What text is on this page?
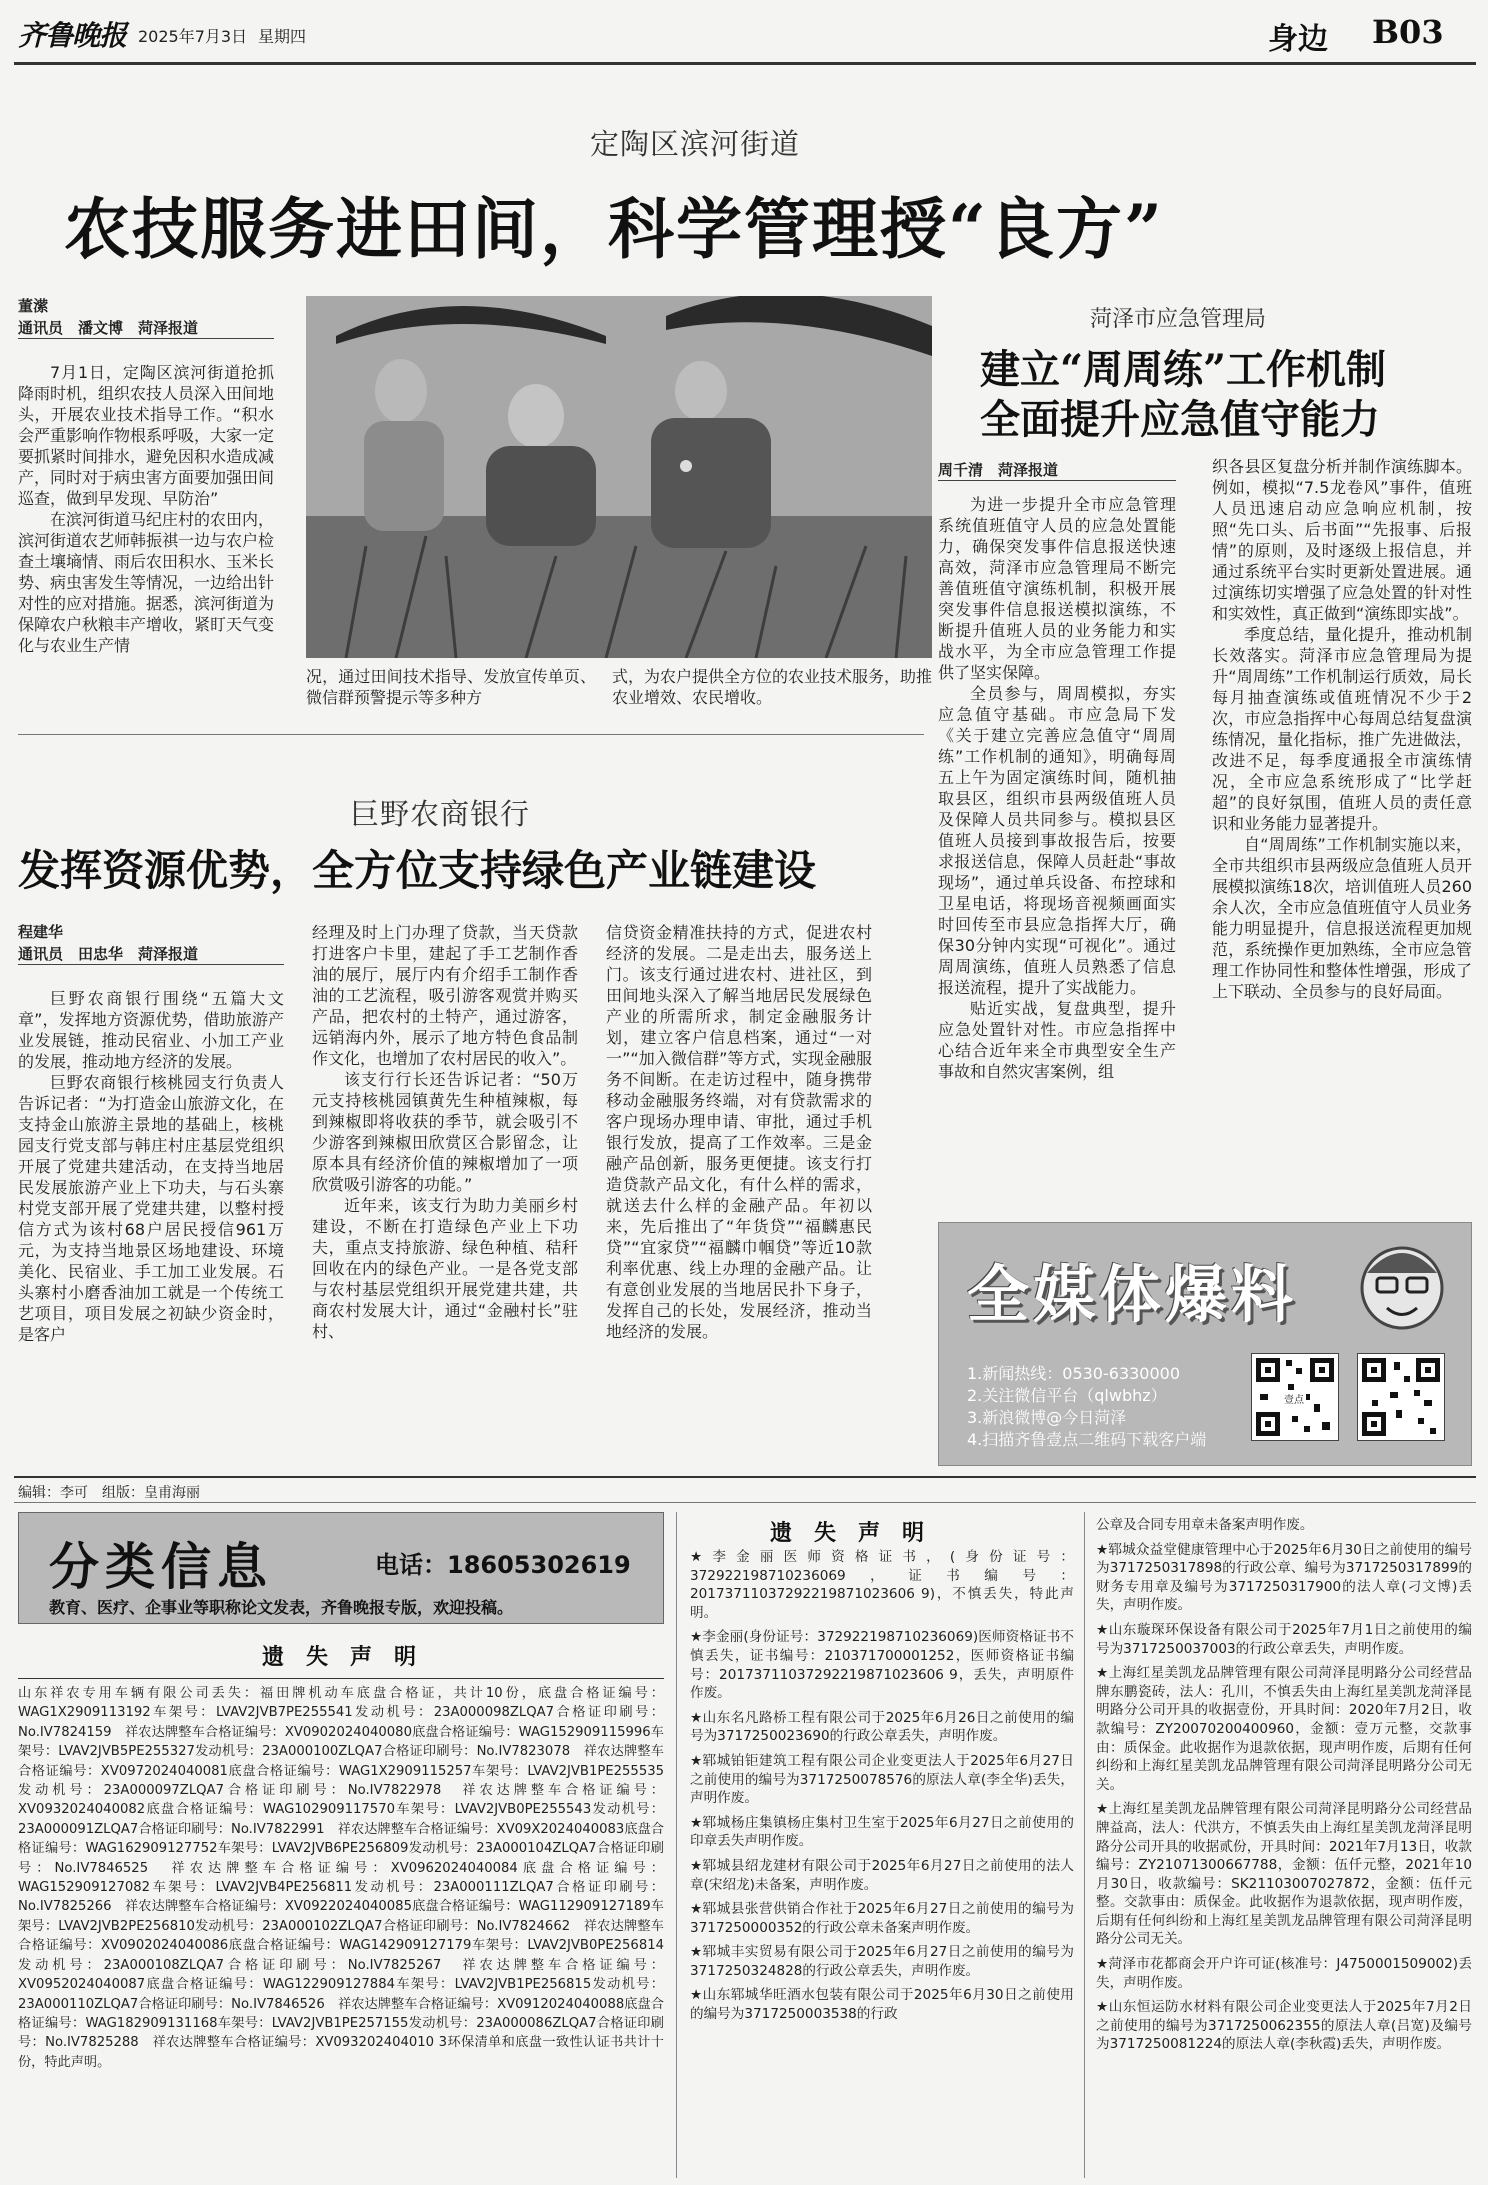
齐鲁晚报 2025年7月3日 星期四	身边 B03
定陶区滨河街道
农技服务进田间，科学管理授“良方”
董潆
通讯员　潘文博　菏泽报道

7月1日，定陶区滨河街道抢抓降雨时机，组织农技人员深入田间地头，开展农业技术指导工作。“积水会严重影响作物根系呼吸，大家一定要抓紧时间排水，避免因积水造成减产，同时对于病虫害方面要加强田间巡查，做到早发现、早防治”

在滨河街道马纪庄村的农田内，滨河街道农艺师韩振祺一边与农户检查土壤墒情、雨后农田积水、玉米长势、病虫害发生等情况，一边给出针对性的应对措施。据悉，滨河街道为保障农户秋粮丰产增收，紧盯天气变化与农业生产情

况，通过田间技术指导、发放宣传单页、微信群预警提示等多种方
式，为农户提供全方位的农业技术服务，助推农业增效、农民增收。
菏泽市应急管理局
建立“周周练”工作机制
全面提升应急值守能力
周千清　菏泽报道

为进一步提升全市应急管理系统值班值守人员的应急处置能力，确保突发事件信息报送快速高效，菏泽市应急管理局不断完善值班值守演练机制，积极开展突发事件信息报送模拟演练，不断提升值班人员的业务能力和实战水平，为全市应急管理工作提供了坚实保障。

全员参与，周周模拟，夯实应急值守基础。市应急局下发《关于建立完善应急值守“周周练”工作机制的通知》，明确每周五上午为固定演练时间，随机抽取县区，组织市县两级值班人员及保障人员共同参与。模拟县区值班人员接到事故报告后，按要求报送信息，保障人员赶赴“事故现场”，通过单兵设备、布控球和卫星电话，将现场音视频画面实时回传至市县应急指挥大厅，确保30分钟内实现“可视化”。通过周周演练，值班人员熟悉了信息报送流程，提升了实战能力。

贴近实战，复盘典型，提升应急处置针对性。市应急指挥中心结合近年来全市典型安全生产事故和自然灾害案例，组

织各县区复盘分析并制作演练脚本。例如，模拟“7.5龙卷风”事件，值班人员迅速启动应急响应机制，按照“先口头、后书面”“先报事、后报情”的原则，及时逐级上报信息，并通过系统平台实时更新处置进展。通过演练切实增强了应急处置的针对性和实效性，真正做到“演练即实战”。

季度总结，量化提升，推动机制长效落实。菏泽市应急管理局为提升“周周练”工作机制运行质效，局长每月抽查演练或值班情况不少于2次，市应急指挥中心每周总结复盘演练情况，量化指标，推广先进做法，改进不足，每季度通报全市演练情况，全市应急系统形成了“比学赶超”的良好氛围，值班人员的责任意识和业务能力显著提升。

自“周周练”工作机制实施以来，全市共组织市县两级应急值班人员开展模拟演练18次，培训值班人员260余人次，全市应急值班值守人员业务能力明显提升，信息报送流程更加规范，系统操作更加熟练，全市应急管理工作协同性和整体性增强，形成了上下联动、全员参与的良好局面。

巨野农商银行
发挥资源优势，全方位支持绿色产业链建设
程建华
通讯员　田忠华　菏泽报道

巨野农商银行围绕“五篇大文章”，发挥地方资源优势，借助旅游产业发展链，推动民宿业、小加工产业的发展，推动地方经济的发展。

巨野农商银行核桃园支行负责人告诉记者：“为打造金山旅游文化，在支持金山旅游主景地的基础上，核桃园支行党支部与韩庄村庄基层党组织开展了党建共建活动，在支持当地居民发展旅游产业上下功夫，与石头寨村党支部开展了党建共建，以整村授信方式为该村68户居民授信961万元，为支持当地景区场地建设、环境美化、民宿业、手工加工业发展。石头寨村小磨香油加工就是一个传统工艺项目，项目发展之初缺少资金时，是客户

经理及时上门办理了贷款，当天贷款打进客户卡里，建起了手工艺制作香油的展厅，展厅内有介绍手工制作香油的工艺流程，吸引游客观赏并购买产品，把农村的土特产，通过游客，远销海内外，展示了地方特色食品制作文化，也增加了农村居民的收入”。

该支行行长还告诉记者：“50万元支持核桃园镇黄先生种植辣椒，每到辣椒即将收获的季节，就会吸引不少游客到辣椒田欣赏区合影留念，让原本具有经济价值的辣椒增加了一项欣赏吸引游客的功能。”

近年来，该支行为助力美丽乡村建设，不断在打造绿色产业上下功夫，重点支持旅游、绿色种植、秸秆回收在内的绿色产业。一是各党支部与农村基层党组织开展党建共建，共商农村发展大计，通过“金融村长”驻村、

信贷资金精准扶持的方式，促进农村经济的发展。二是走出去，服务送上门。该支行通过进农村、进社区，到田间地头深入了解当地居民发展绿色产业的所需所求，制定金融服务计划，建立客户信息档案，通过“一对一”“加入微信群”等方式，实现金融服务不间断。在走访过程中，随身携带移动金融服务终端，对有贷款需求的客户现场办理申请、审批，通过手机银行发放，提高了工作效率。三是金融产品创新，服务更便捷。该支行打造贷款产品文化，有什么样的需求，就送去什么样的金融产品。年初以来，先后推出了“年货贷”“福麟惠民贷”“宜家贷”“福麟巾帼贷”等近10款利率优惠、线上办理的金融产品。让有意创业发展的当地居民扑下身子，发挥自己的长处，发展经济，推动当地经济的发展。

全媒体爆料
1.新闻热线：0530-6330000
2.关注微信平台（qlwbhz）
3.新浪微博@今日菏泽
4.扫描齐鲁壹点二维码下载客户端
壹点
编辑：李可　组版：皇甫海丽
分类信息	电话：18605302619
教育、医疗、企事业等职称论文发表，齐鲁晚报专版，欢迎投稿。
遗　失　声　明
山东祥农专用车辆有限公司丢失：福田牌机动车底盘合格证，共计10份，底盘合格证编号：WAG1X2909113192车架号：LVAV2JVB7PE255541发动机号：23A000098ZLQA7合格证印刷号：No.IV7824159　祥农达牌整车合格证编号：XV0902024040080底盘合格证编号：WAG152909115996车架号：LVAV2JVB5PE255327发动机号：23A000100ZLQA7合格证印刷号：No.IV7823078　祥农达牌整车合格证编号：XV0972024040081底盘合格证编号：WAG1X2909115257车架号：LVAV2JVB1PE255535发动机号：23A000097ZLQA7合格证印刷号：No.IV7822978　祥农达牌整车合格证编号：XV0932024040082底盘合格证编号：WAG102909117570车架号：LVAV2JVB0PE255543发动机号：23A000091ZLQA7合格证印刷号：No.IV7822991　祥农达牌整车合格证编号：XV09X2024040083底盘合格证编号：WAG162909127752车架号：LVAV2JVB6PE256809发动机号：23A000104ZLQA7合格证印刷号：No.IV7846525　祥农达牌整车合格证编号：XV0962024040084底盘合格证编号：WAG152909127082车架号：LVAV2JVB4PE256811发动机号：23A000111ZLQA7合格证印刷号：No.IV7825266　祥农达牌整车合格证编号：XV0922024040085底盘合格证编号：WAG112909127189车架号：LVAV2JVB2PE256810发动机号：23A000102ZLQA7合格证印刷号：No.IV7824662　祥农达牌整车合格证编号：XV0902024040086底盘合格证编号：WAG142909127179车架号：LVAV2JVB0PE256814发动机号：23A000108ZLQA7合格证印刷号：No.IV7825267　祥农达牌整车合格证编号：XV0952024040087底盘合格证编号：WAG122909127884车架号：LVAV2JVB1PE256815发动机号：23A000110ZLQA7合格证印刷号：No.IV7846526　祥农达牌整车合格证编号：XV0912024040088底盘合格证编号：WAG182909131168车架号：LVAV2JVB1PE257155发动机号：23A000086ZLQA7合格证印刷号：No.IV7825288　祥农达牌整车合格证编号：XV093202404010 3环保清单和底盘一致性认证书共计十份，特此声明。
遗　失　声　明

★李金丽医师资格证书，(身份证号：372922198710236069，证书编号：20173711037292219871023606 9)，不慎丢失，特此声明。

★李金丽(身份证号：372922198710236069)医师资格证书不慎丢失，证书编号：210371700001252，医师资格证书编号：20173711037292219871023606 9，丢失，声明原件作废。

★山东名凡路桥工程有限公司于2025年6月26日之前使用的编号为3717250023690的行政公章丢失，声明作废。

★郓城铂钜建筑工程有限公司企业变更法人于2025年6月27日之前使用的编号为3717250078576的原法人章(李全华)丢失，声明作废。

★郓城杨庄集镇杨庄集村卫生室于2025年6月27日之前使用的印章丢失声明作废。

★郓城县绍龙建材有限公司于2025年6月27日之前使用的法人章(宋绍龙)未备案，声明作废。

★郓城县张营供销合作社于2025年6月27日之前使用的编号为3717250000352的行政公章未备案声明作废。

★郓城丰实贸易有限公司于2025年6月27日之前使用的编号为3717250324828的行政公章丢失，声明作废。

★山东郓城华旺酒水包装有限公司于2025年6月30日之前使用的编号为3717250003538的行政

公章及合同专用章未备案声明作废。

★郓城众益堂健康管理中心于2025年6月30日之前使用的编号为3717250317898的行政公章、编号为3717250317899的财务专用章及编号为3717250317900的法人章(刁文博)丢失，声明作废。

★山东璇琛环保设备有限公司于2025年7月1日之前使用的编号为3717250037003的行政公章丢失，声明作废。

★上海红星美凯龙品牌管理有限公司菏泽昆明路分公司经营品牌东鹏瓷砖，法人：孔川，不慎丢失由上海红星美凯龙菏泽昆明路分公司开具的收据壹份，开具时间：2020年7月2日，收款编号：ZY20070200400960，金额：壹万元整，交款事由：质保金。此收据作为退款依据，现声明作废，后期有任何纠纷和上海红星美凯龙品牌管理有限公司菏泽昆明路分公司无关。

★上海红星美凯龙品牌管理有限公司菏泽昆明路分公司经营品牌益高，法人：代洪方，不慎丢失由上海红星美凯龙菏泽昆明路分公司开具的收据贰份，开具时间：2021年7月13日，收款编号：ZY21071300667788，金额：伍仟元整，2021年10月30日，收款编号：SK21103007027872，金额：伍仟元整。交款事由：质保金。此收据作为退款依据，现声明作废，后期有任何纠纷和上海红星美凯龙品牌管理有限公司菏泽昆明路分公司无关。

★菏泽市花都商会开户许可证(核准号：J4750001509002)丢失，声明作废。

★山东恒运防水材料有限公司企业变更法人于2025年7月2日之前使用的编号为3717250062355的原法人章(吕宽)及编号为3717250081224的原法人章(李秋霞)丢失，声明作废。
